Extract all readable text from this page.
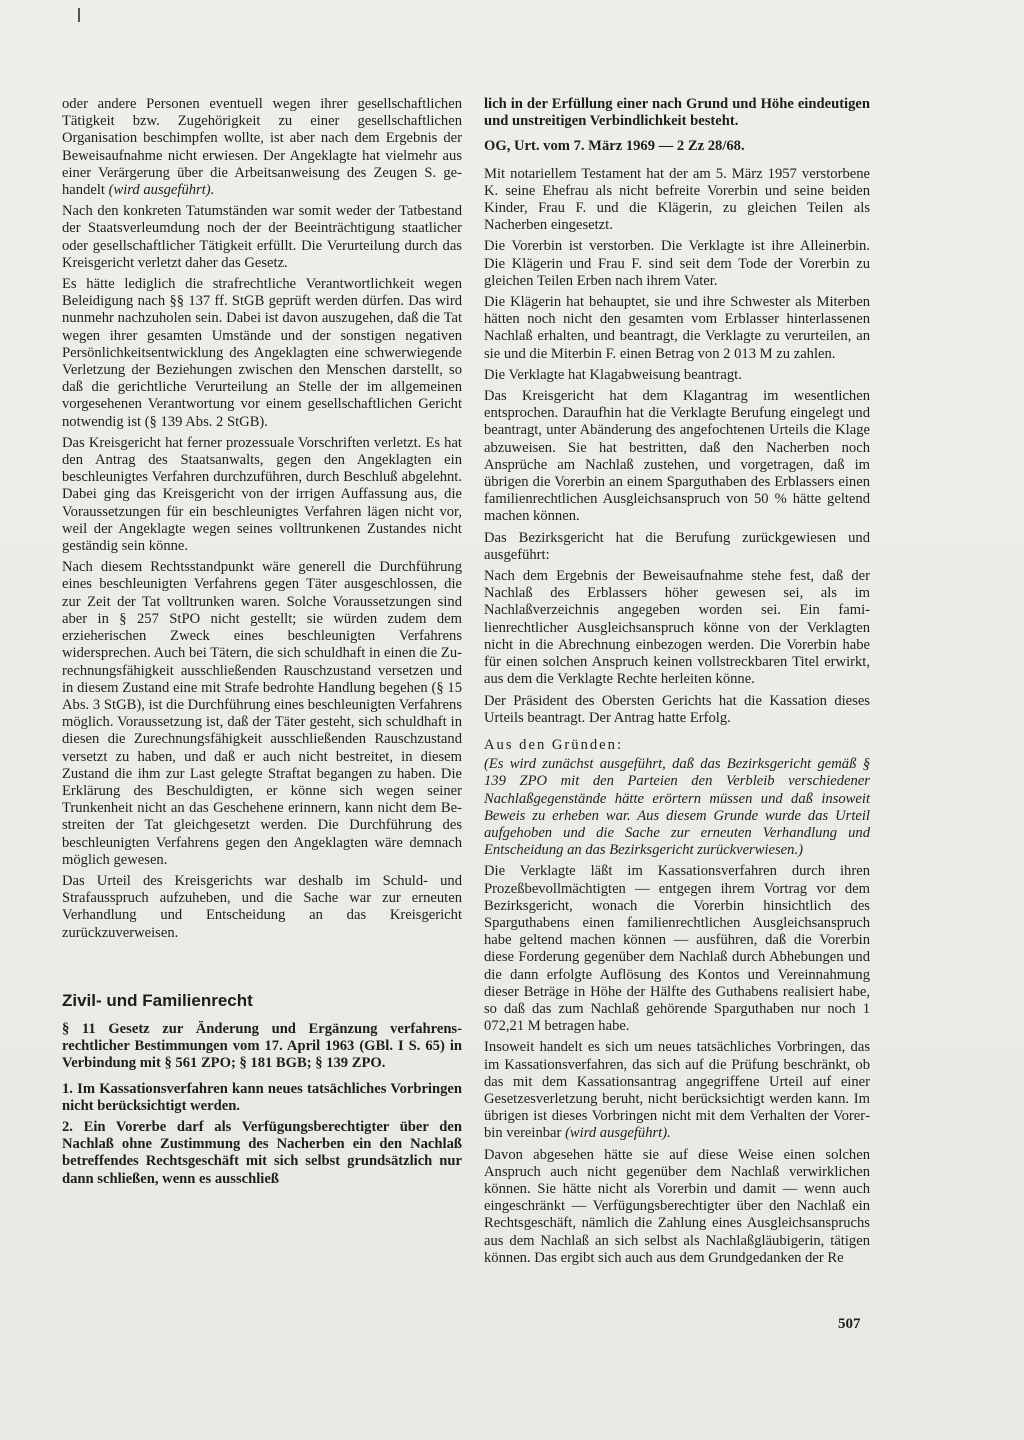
oder andere Personen eventuell wegen ihrer gesellschaftlichen Tätigkeit bzw. Zugehörigkeit zu einer gesellschaftlichen Organisation beschimpfen wollte, ist aber nach dem Ergebnis der Beweisaufnahme nicht erwiesen. Der Angeklagte hat vielmehr aus einer Verärgerung über die Arbeitsanweisung des Zeugen S. gehandelt (wird ausgeführt).

Nach den konkreten Tatumständen war somit weder der Tatbestand der Staatsverleumdung noch der der Beeinträchtigung staatlicher oder gesellschaftlicher Tätigkeit erfüllt. Die Verurteilung durch das Kreisgericht verletzt daher das Gesetz.

Es hätte lediglich die strafrechtliche Verantwortlichkeit wegen Beleidigung nach §§ 137 ff. StGB geprüft werden dürfen. Das wird nunmehr nachzuholen sein. Dabei ist davon auszugehen, daß die Tat wegen ihrer gesamten Umstände und der sonstigen negativen Persönlichkeitsentwicklung des Angeklagten eine schwerwiegende Verletzung der Beziehungen zwischen den Menschen darstellt, so daß die gerichtliche Verurteilung an Stelle der im allgemeinen vorgesehenen Verantwortung vor einem gesellschaftlichen Gericht notwendig ist (§ 139 Abs. 2 StGB).

Das Kreisgericht hat ferner prozessuale Vorschriften verletzt. Es hat den Antrag des Staatsanwalts, gegen den Angeklagten ein beschleunigtes Verfahren durchzuführen, durch Beschluß abgelehnt. Dabei ging das Kreisgericht von der irrigen Auffassung aus, die Voraussetzungen für ein beschleunigtes Verfahren lägen nicht vor, weil der Angeklagte wegen seines volltrunkenen Zustandes nicht geständig sein könne.

Nach diesem Rechtsstandpunkt wäre generell die Durchführung eines beschleunigten Verfahrens gegen Täter ausgeschlossen, die zur Zeit der Tat volltrunken waren. Solche Voraussetzungen sind aber in § 257 StPO nicht gestellt; sie würden zudem dem erzieherischen Zweck eines beschleunigten Verfahrens widersprechen. Auch bei Tätern, die sich schuldhaft in einen die Zurechnungsfähigkeit ausschließenden Rauschzustand versetzen und in diesem Zustand eine mit Strafe bedrohte Handlung begehen (§ 15 Abs. 3 StGB), ist die Durchführung eines beschleunigten Verfahrens möglich. Voraussetzung ist, daß der Täter gesteht, sich schuldhaft in diesen die Zurechnungsfähigkeit ausschließenden Rauschzustand versetzt zu haben, und daß er auch nicht bestreitet, in diesem Zustand die ihm zur Last gelegte Straftat begangen zu haben. Die Erklärung des Beschuldigten, er könne sich wegen seiner Trunkenheit nicht an das Geschehene erinnern, kann nicht dem Bestreiten der Tat gleichgesetzt werden. Die Durchführung des beschleunigten Verfahrens gegen den Angeklagten wäre demnach möglich gewesen.

Das Urteil des Kreisgerichts war deshalb im Schuld- und Strafausspruch aufzuheben, und die Sache war zur erneuten Verhandlung und Entscheidung an das Kreisgericht zurückzuverweisen.

Zivil- und Familienrecht

§ 11 Gesetz zur Änderung und Ergänzung verfahrensrechtlicher Bestimmungen vom 17. April 1963 (GBl. I S. 65) in Verbindung mit § 561 ZPO; § 181 BGB; § 139 ZPO.

1. Im Kassationsverfahren kann neues tatsächliches Vorbringen nicht berücksichtigt werden.

2. Ein Vorerbe darf als Verfügungsberechtigter über den Nachlaß ohne Zustimmung des Nacherben ein den Nachlaß betreffendes Rechtsgeschäft mit sich selbst grundsätzlich nur dann schließen, wenn es ausschließ

lich in der Erfüllung einer nach Grund und Höhe eindeutigen und unstreitigen Verbindlichkeit besteht.

OG, Urt. vom 7. März 1969 — 2 Zz 28/68.

Mit notariellem Testament hat der am 5. März 1957 verstorbene K. seine Ehefrau als nicht befreite Vorerbin und seine beiden Kinder, Frau F. und die Klägerin, zu gleichen Teilen als Nacherben eingesetzt.

Die Vorerbin ist verstorben. Die Verklagte ist ihre Alleinerbin. Die Klägerin und Frau F. sind seit dem Tode der Vorerbin zu gleichen Teilen Erben nach ihrem Vater.

Die Klägerin hat behauptet, sie und ihre Schwester als Miterben hätten noch nicht den gesamten vom Erblasser hinterlassenen Nachlaß erhalten, und beantragt, die Verklagte zu verurteilen, an sie und die Miterbin F. einen Betrag von 2 013 M zu zahlen.

Die Verklagte hat Klagabweisung beantragt.

Das Kreisgericht hat dem Klagantrag im wesentlichen entsprochen. Daraufhin hat die Verklagte Berufung eingelegt und beantragt, unter Abänderung des angefochtenen Urteils die Klage abzuweisen. Sie hat bestritten, daß den Nacherben noch Ansprüche am Nachlaß zustehen, und vorgetragen, daß im übrigen die Vorerbin an einem Sparguthaben des Erblassers einen familienrechtlichen Ausgleichsanspruch von 50 % hätte geltend machen können.

Das Bezirksgericht hat die Berufung zurückgewiesen und ausgeführt:

Nach dem Ergebnis der Beweisaufnahme stehe fest, daß der Nachlaß des Erblassers höher gewesen sei, als im Nachlaßverzeichnis angegeben worden sei. Ein familienrechtlicher Ausgleichsanspruch könne von der Verklagten nicht in die Abrechnung einbezogen werden. Die Vorerbin habe für einen solchen Anspruch keinen vollstreckbaren Titel erwirkt, aus dem die Verklagte Rechte herleiten könne.

Der Präsident des Obersten Gerichts hat die Kassation dieses Urteils beantragt. Der Antrag hatte Erfolg.

Aus den Gründen:

(Es wird zunächst ausgeführt, daß das Bezirksgericht gemäß § 139 ZPO mit den Parteien den Verbleib verschiedener Nachlaßgegenstände hätte erörtern müssen und daß insoweit Beweis zu erheben war. Aus diesem Grunde wurde das Urteil aufgehoben und die Sache zur erneuten Verhandlung und Entscheidung an das Bezirksgericht zurückverwiesen.)

Die Verklagte läßt im Kassationsverfahren durch ihren Prozeßbevollmächtigten — entgegen ihrem Vortrag vor dem Bezirksgericht, wonach die Vorerbin hinsichtlich des Sparguthabens einen familienrechtlichen Ausgleichsanspruch habe geltend machen können — ausführen, daß die Vorerbin diese Forderung gegenüber dem Nachlaß durch Abhebungen und die dann erfolgte Auflösung des Kontos und Vereinnahmung dieser Beträge in Höhe der Hälfte des Guthabens realisiert habe, so daß das zum Nachlaß gehörende Sparguthaben nur noch 1 072,21 M betragen habe.

Insoweit handelt es sich um neues tatsächliches Vorbringen, das im Kassationsverfahren, das sich auf die Prüfung beschränkt, ob das mit dem Kassationsantrag angegriffene Urteil auf einer Gesetzesverletzung beruht, nicht berücksichtigt werden kann. Im übrigen ist dieses Vorbringen nicht mit dem Verhalten der Vorerbin vereinbar (wird ausgeführt).

Davon abgesehen hätte sie auf diese Weise einen solchen Anspruch auch nicht gegenüber dem Nachlaß verwirklichen können. Sie hätte nicht als Vorerbin und damit — wenn auch eingeschränkt — Verfügungsberechtigter über den Nachlaß ein Rechtsgeschäft, nämlich die Zahlung eines Ausgleichsanspruchs aus dem Nachlaß an sich selbst als Nachlaßgläubigerin, tätigen können. Das ergibt sich auch aus dem Grundgedanken der Re

507
